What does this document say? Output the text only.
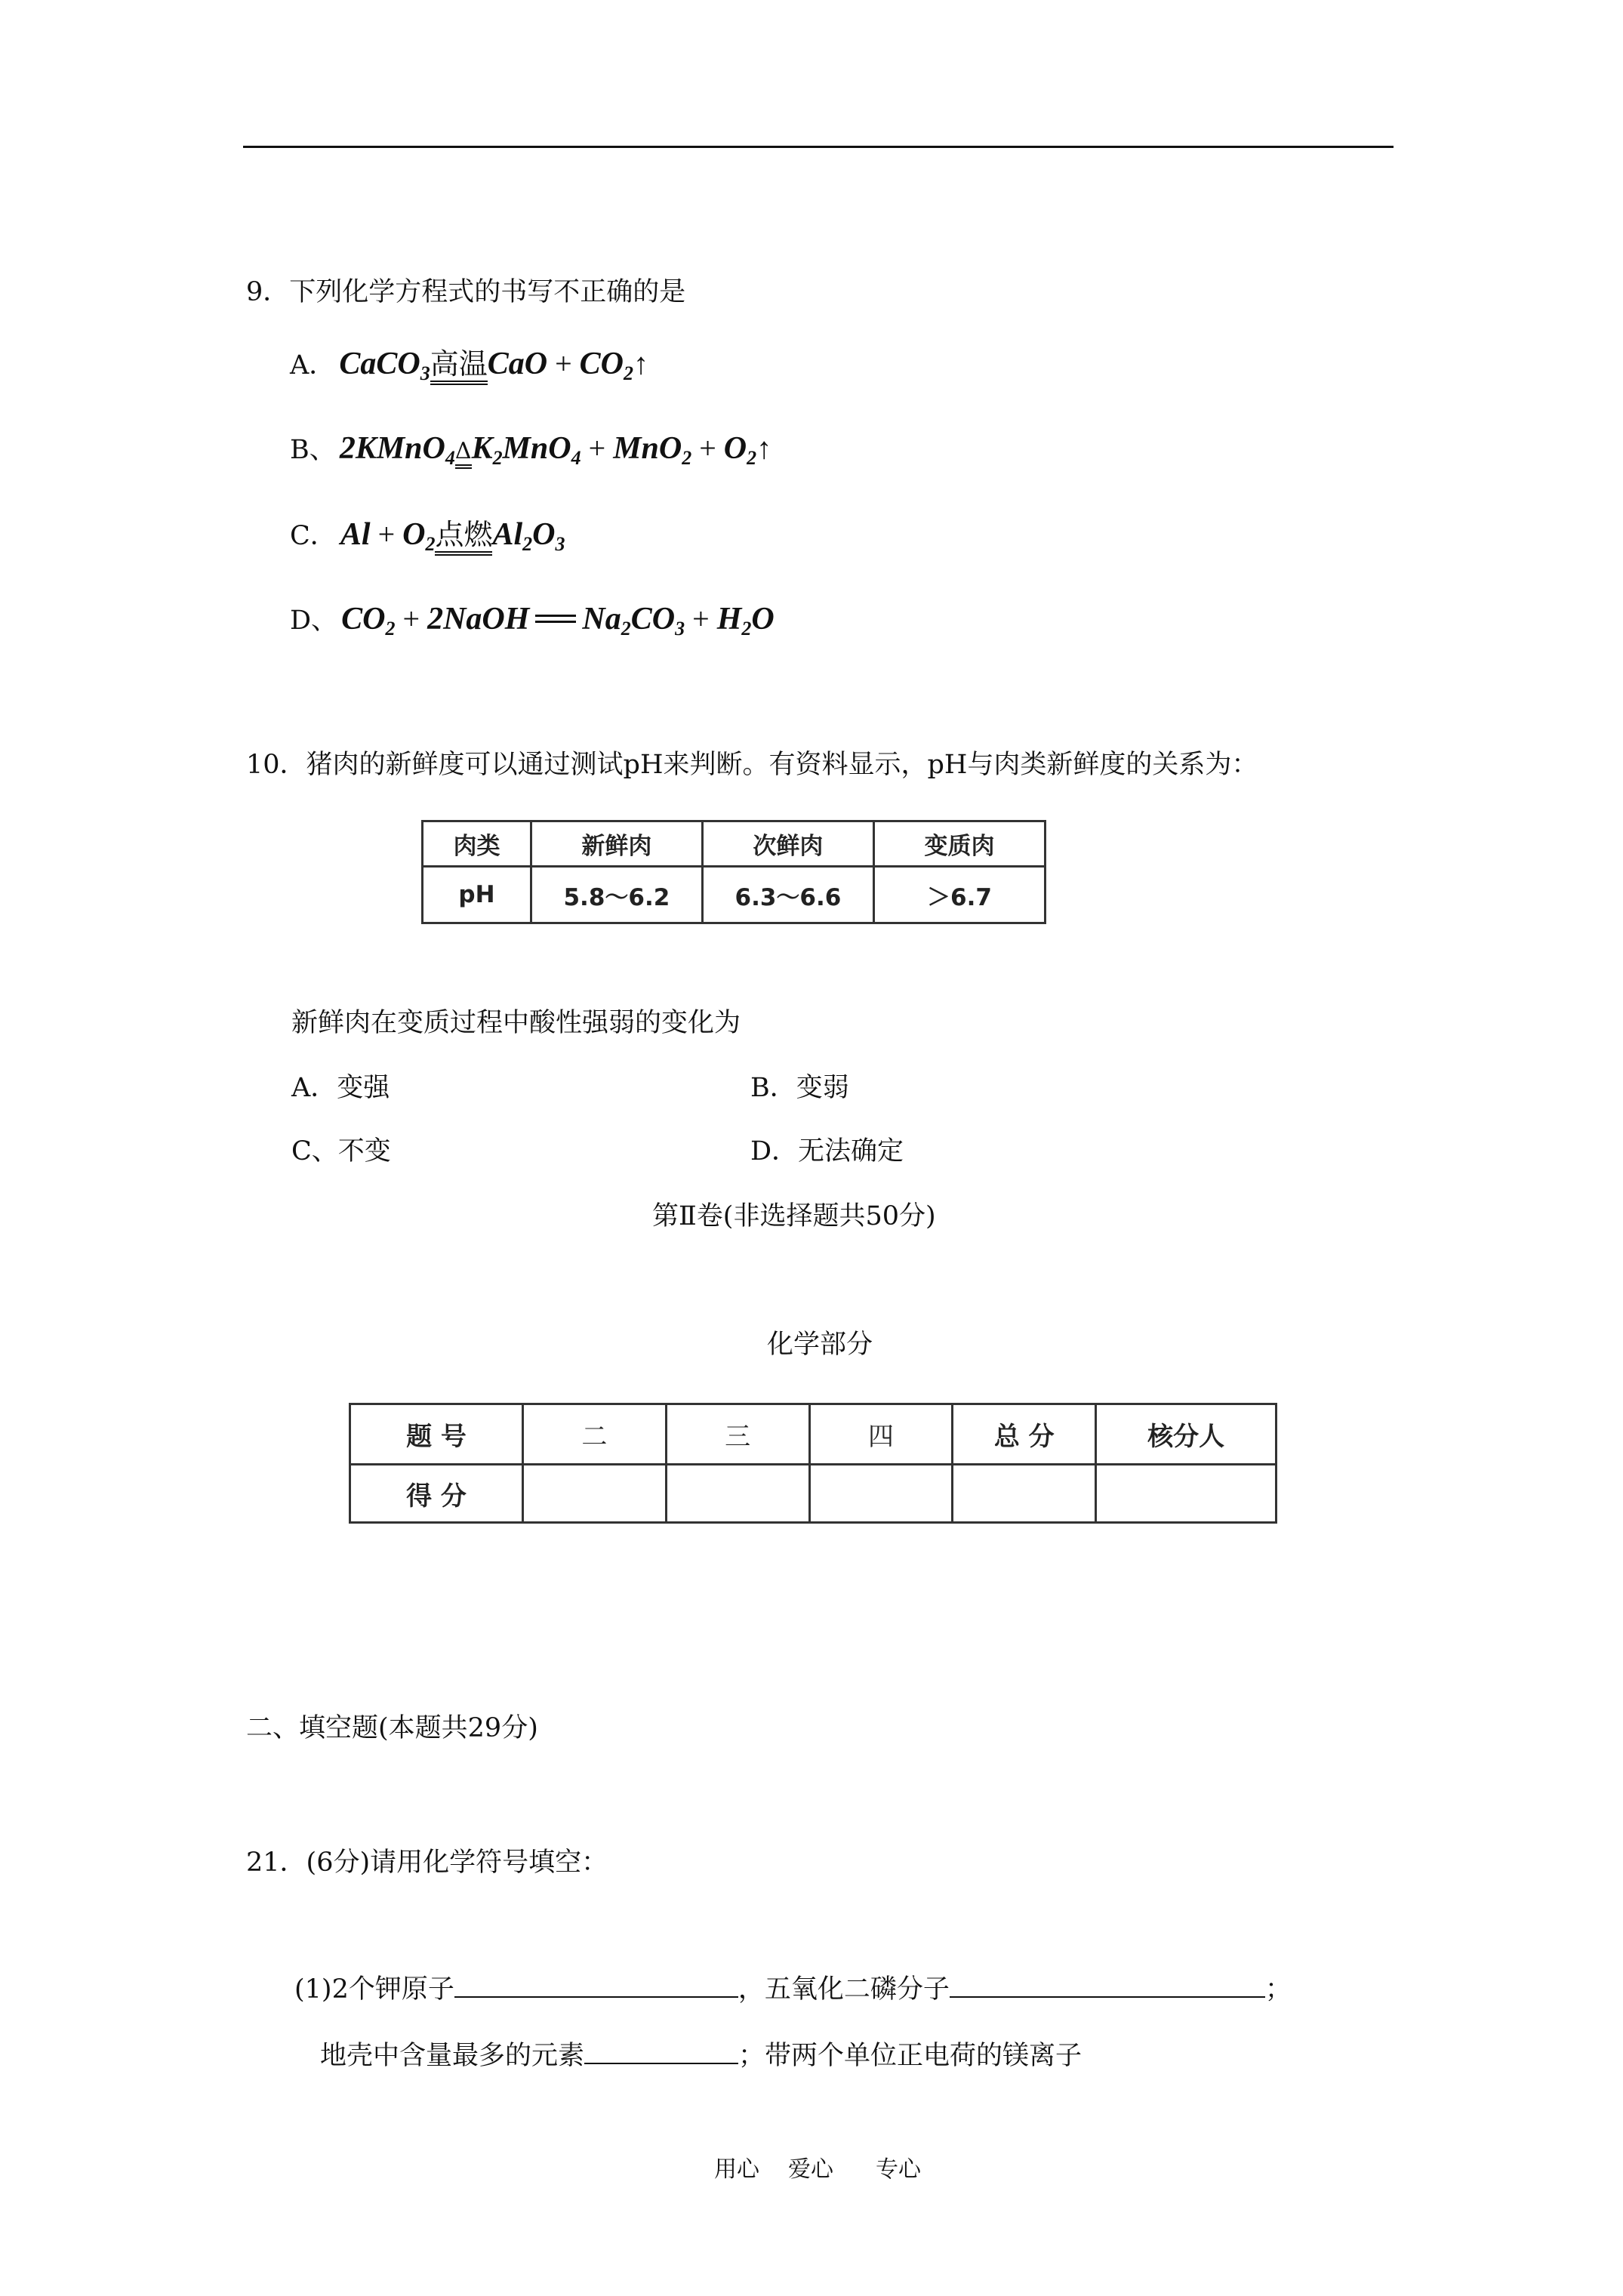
9．下列化学方程式的书写不正确的是
A． CaCO$_3$高温CaO + $CO_2↑$
B、 $2KMnO_4\Delta K_2MnO_4 + MnO_2$ + $O_2↑$
C． $Al + O_2$点燃$Al_2O_3$
D、 $CO_2$ + 2NaOH $Na_2CO_3 + H_2O$
10．猪肉的新鲜度可以通过测试pH来判断。有资料显示，pH与肉类新鲜度的关系为：
肉类	新鲜肉	次鲜肉	变质肉
pH	5.8～6.2	6.3～6.6	＞6.7
新鲜肉在变质过程中酸性强弱的变化为
A．变强	B．变弱
C、不变	D．无法确定
第Ⅱ卷(非选择题共50分)
化学部分
题 号	二	三	四	总 分	核分人
得 分					
二、填空题(本题共29分)
21．(6分)请用化学符号填空：
(1)2个钾原子	，五氧化二磷分子	；
地壳中含量最多的元素	；带两个单位正电荷的镁离子
用心 爱心 专心
